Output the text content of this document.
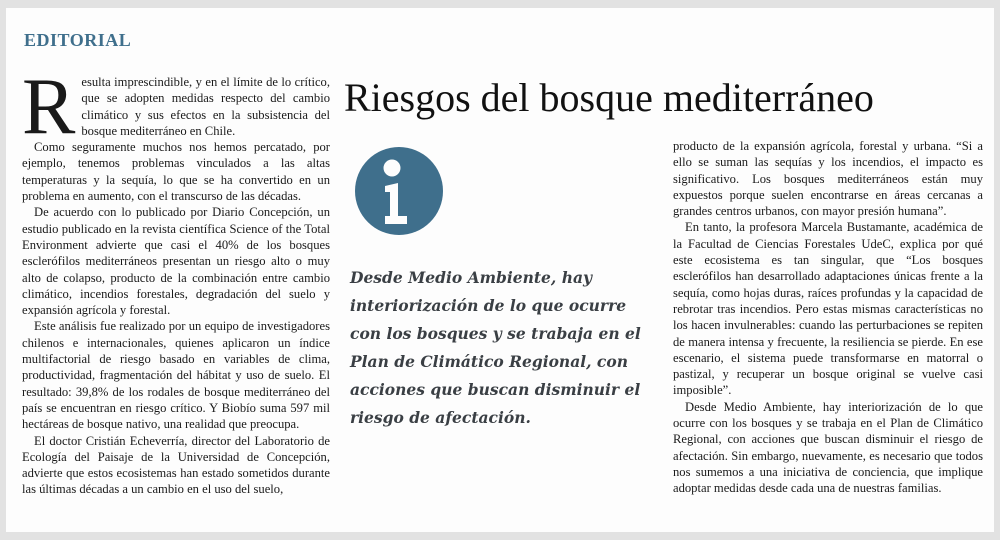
EDITORIAL

Resulta imprescindible, y en el límite de lo crítico, que se adopten medidas respecto del cambio climático y sus efectos en la subsistencia del bosque mediterráneo en Chile.

Como seguramente muchos nos hemos percatado, por ejemplo, tenemos problemas vinculados a las altas temperaturas y la sequía, lo que se ha convertido en un problema en aumento, con el transcurso de las décadas.

De acuerdo con lo publicado por Diario Concepción, un estudio publicado en la revista científica Science of the Total Environment advierte que casi el 40% de los bosques esclerófilos mediterráneos presentan un riesgo alto o muy alto de colapso, producto de la combinación entre cambio climático, incendios forestales, degradación del suelo y expansión agrícola y forestal.

Este análisis fue realizado por un equipo de investigadores chilenos e internacionales, quienes aplicaron un índice multifactorial de riesgo basado en variables de clima, productividad, fragmentación del hábitat y uso de suelo. El resultado: 39,8% de los rodales de bosque mediterráneo del país se encuentran en riesgo crítico. Y Biobío suma 597 mil hectáreas de bosque nativo, una realidad que preocupa.

El doctor Cristián Echeverría, director del Laboratorio de Ecología del Paisaje de la Universidad de Concepción, advierte que estos ecosistemas han estado sometidos durante las últimas décadas a un cambio en el uso del suelo,

Riesgos del bosque mediterráneo
Desde Medio Ambiente, hay interiorización de lo que ocurre con los bosques y se trabaja en el Plan de Climático Regional, con acciones que buscan disminuir el riesgo de afectación.

producto de la expansión agrícola, forestal y urbana. “Si a ello se suman las sequías y los incendios, el impacto es significativo. Los bosques mediterráneos están muy expuestos porque suelen encontrarse en áreas cercanas a grandes centros urbanos, con mayor presión humana”.

En tanto, la profesora Marcela Bustamante, académica de la Facultad de Ciencias Forestales UdeC, explica por qué este ecosistema es tan singular, que “Los bosques esclerófilos han desarrollado adaptaciones únicas frente a la sequía, como hojas duras, raíces profundas y la capacidad de rebrotar tras incendios. Pero estas mismas características no los hacen invulnerables: cuando las perturbaciones se repiten de manera intensa y frecuente, la resiliencia se pierde. En ese escenario, el sistema puede transformarse en matorral o pastizal, y recuperar un bosque original se vuelve casi imposible”.

Desde Medio Ambiente, hay interiorización de lo que ocurre con los bosques y se trabaja en el Plan de Climático Regional, con acciones que buscan disminuir el riesgo de afectación. Sin embargo, nuevamente, es necesario que todos nos sumemos a una iniciativa de conciencia, que implique adoptar medidas desde cada una de nuestras familias.
